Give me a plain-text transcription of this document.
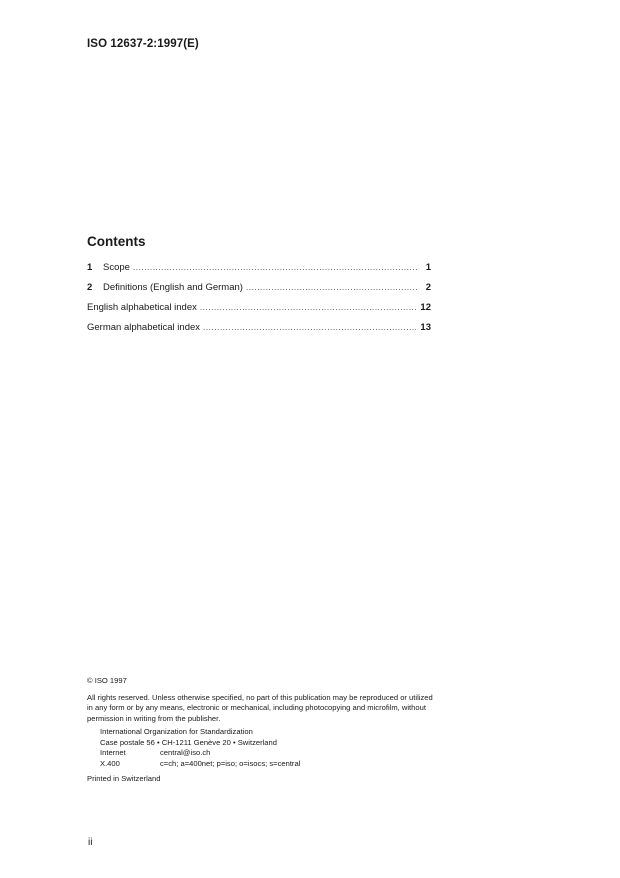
ISO 12637-2:1997(E)
Contents
1	Scope .....	1
2	Definitions (English and German) .....	2
English alphabetical index .....	12
German alphabetical index .....	13
© ISO 1997
All rights reserved. Unless otherwise specified, no part of this publication may be reproduced or utilized in any form or by any means, electronic or mechanical, including photocopying and microfilm, without permission in writing from the publisher.
International Organization for Standardization
Case postale 56 • CH-1211 Genève 20 • Switzerland
Internet	central@iso.ch
X.400	c=ch; a=400net; p=iso; o=isocs; s=central
Printed in Switzerland
ii
